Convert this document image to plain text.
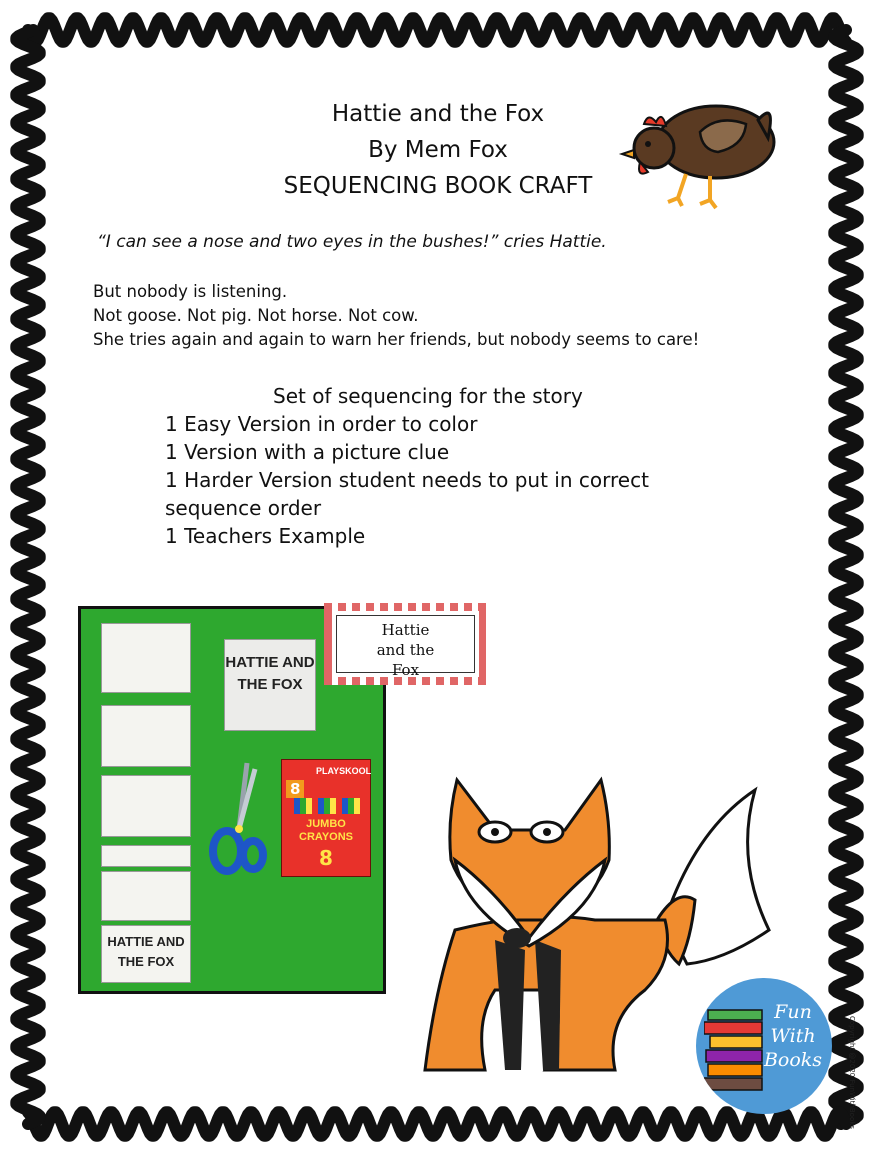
Hattie and the Fox
By Mem Fox
SEQUENCING BOOK CRAFT
“I can see a nose and two eyes in the bushes!” cries Hattie.
But nobody is listening.
Not goose. Not pig. Not horse. Not cow.
She tries again and again to warn her friends, but nobody seems to care!
Set of sequencing for the story
1 Easy Version in order to color
1 Version with a picture clue
1 Harder Version student needs to put in correct
sequence order
1 Teachers Example
HATTIE AND THE FOX
HATTIE AND THE FOX
8
PLAYSKOOL
JUMBO CRAYONS
8
Hattie
and the
Fox
Fun
With
Books	Copyright @2020 FunWithBooks
